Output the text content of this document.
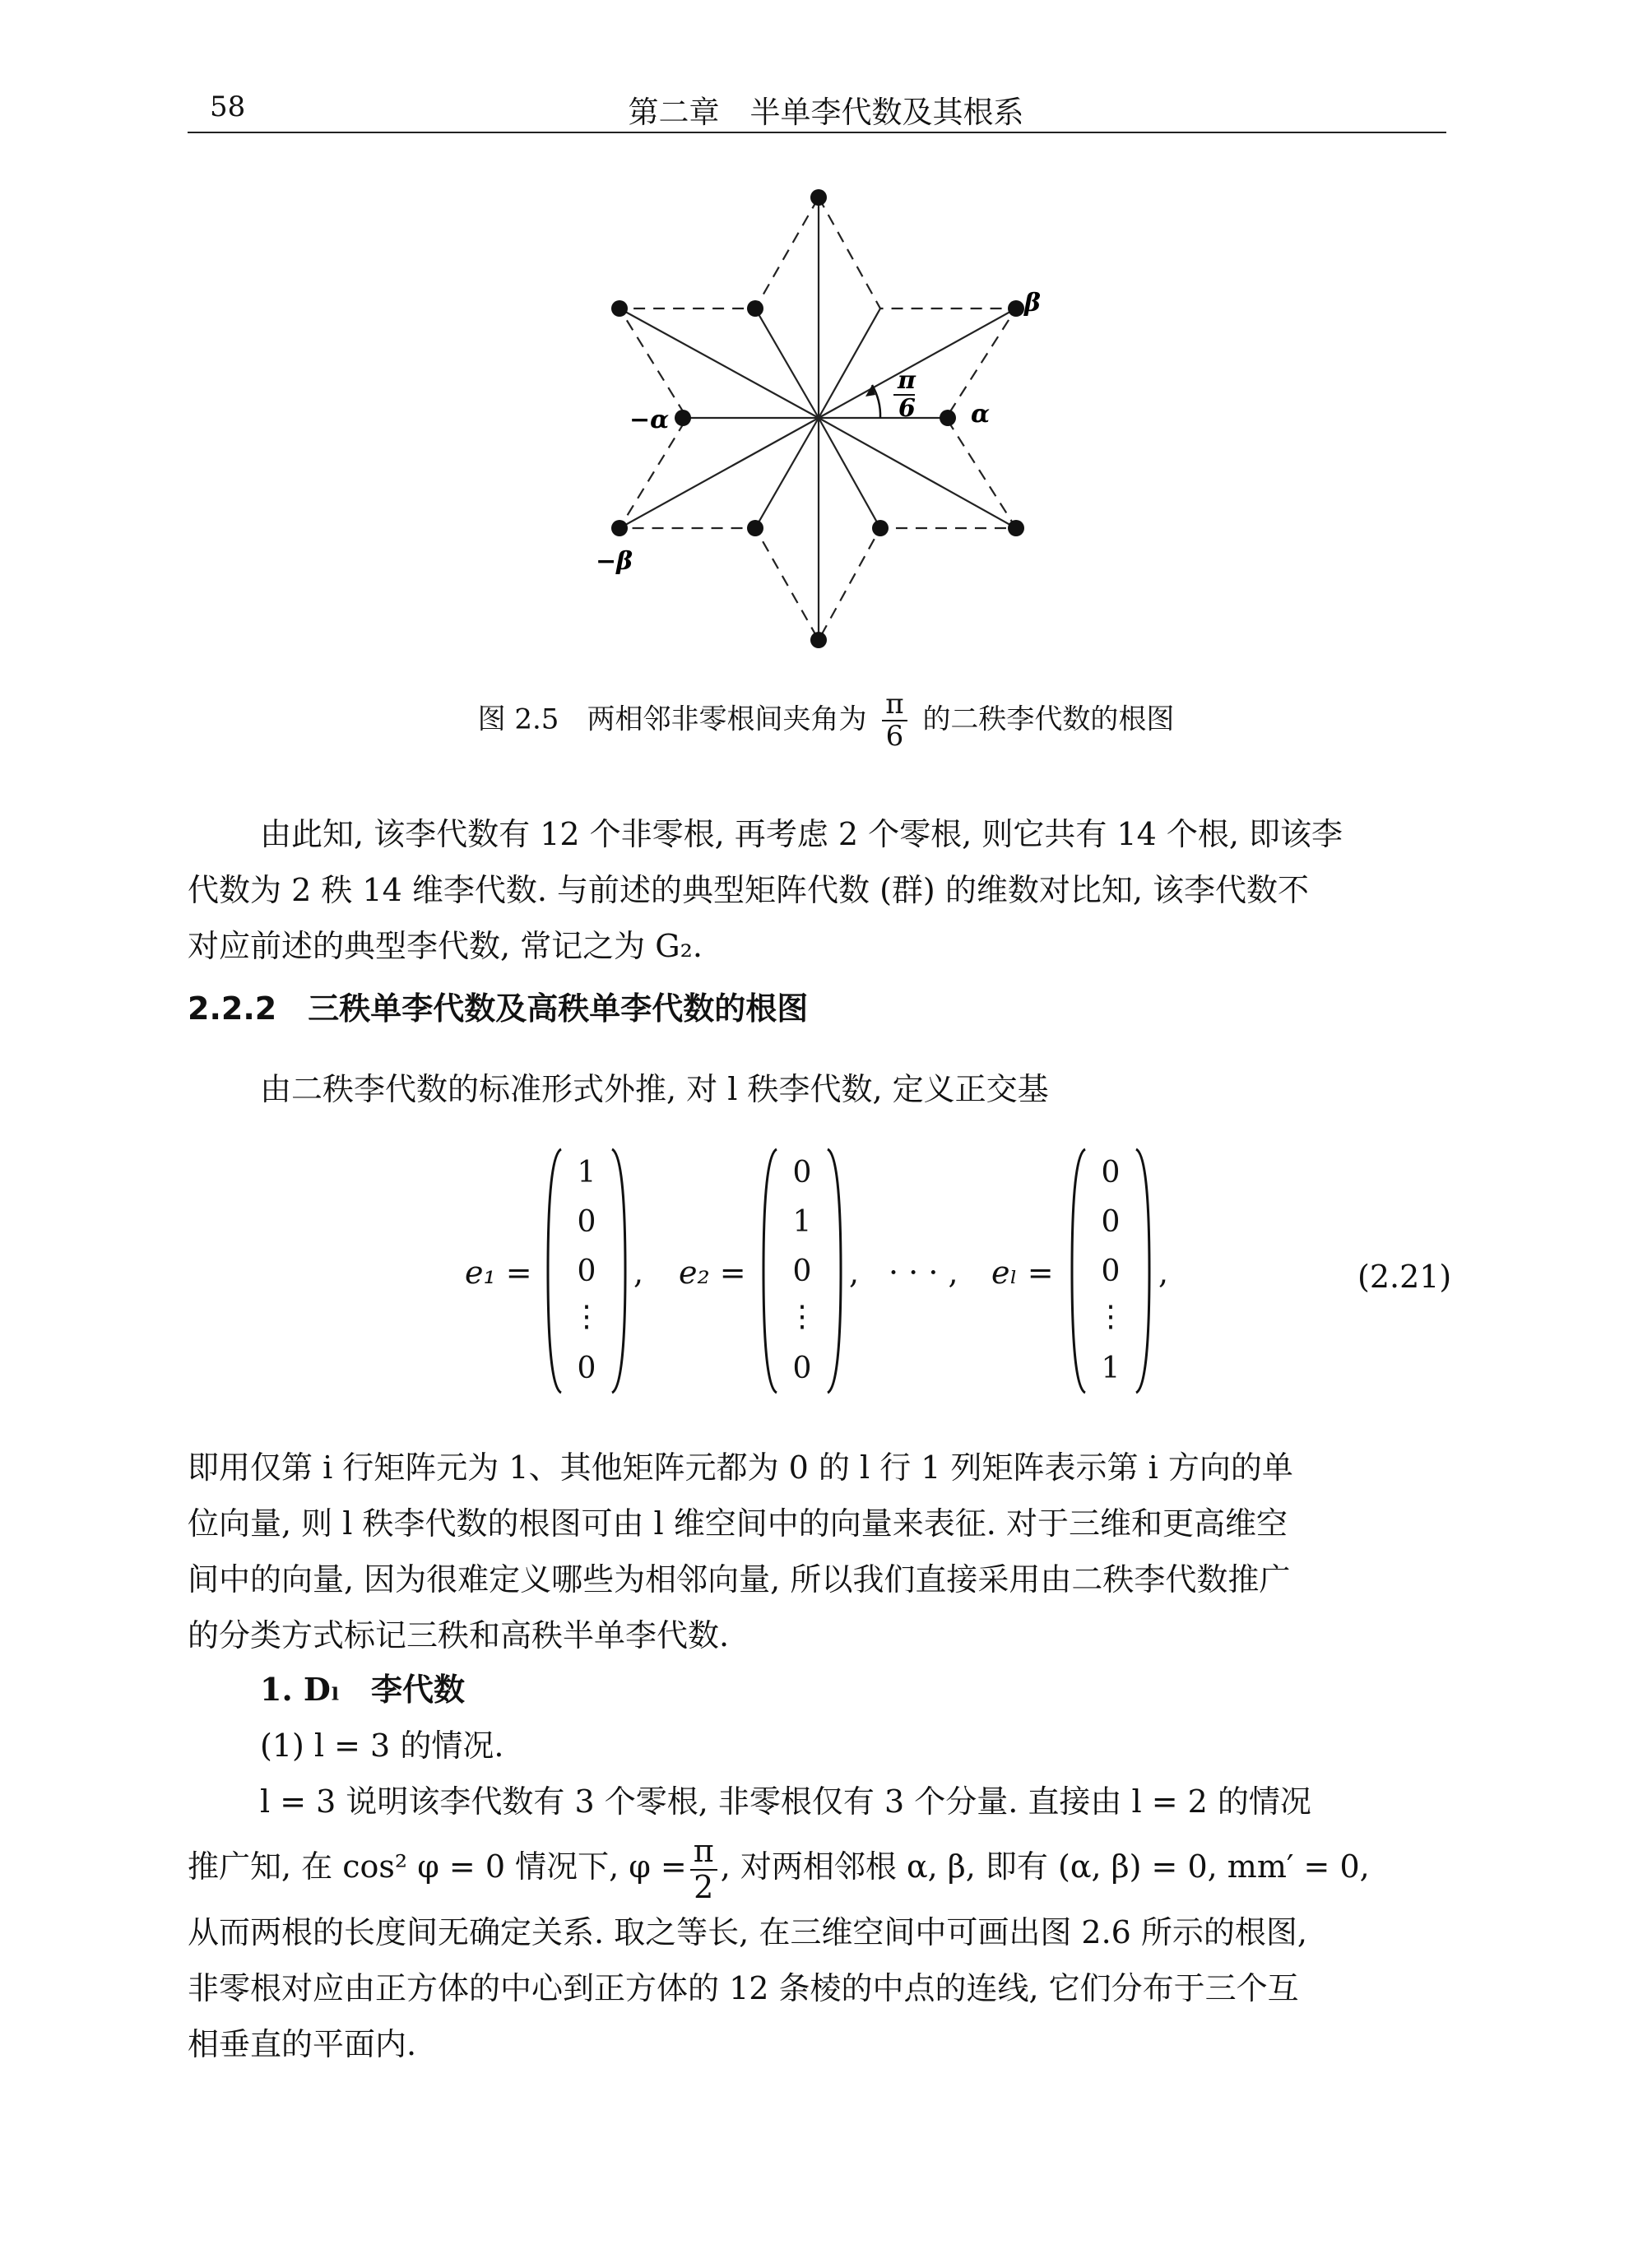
58	第二章　半单李代数及其根系
β
α
−α
−β
π
6
图 2.5　两相邻非零根间夹角为 $\frac{\pi}{6}$ 的二秩李代数的根图
由此知, 该李代数有 12 个非零根, 再考虑 2 个零根, 则它共有 14 个根, 即该李
代数为 2 秩 14 维李代数. 与前述的典型矩阵代数 (群) 的维数对比知, 该李代数不
对应前述的典型李代数, 常记之为 G₂.
2.2.2　三秩单李代数及高秩单李代数的根图
由二秩李代数的标准形式外推, 对 l 秩李代数, 定义正交基
e₁ =
1
0
0
⋮
0
, e₂ =
0
1
0
⋮
0
, · · · , eₗ =
0
0
0
⋮
1
,	(2.21)
即用仅第 i 行矩阵元为 1、其他矩阵元都为 0 的 l 行 1 列矩阵表示第 i 方向的单
位向量, 则 l 秩李代数的根图可由 l 维空间中的向量来表征. 对于三维和更高维空
间中的向量, 因为很难定义哪些为相邻向量, 所以我们直接采用由二秩李代数推广
的分类方式标记三秩和高秩半单李代数.
1. Dₗ　李代数
(1) l = 3 的情况.
l = 3 说明该李代数有 3 个零根, 非零根仅有 3 个分量. 直接由 l = 2 的情况
推广知, 在 cos² φ = 0 情况下, $\varphi = \frac{\pi}{2}$ , 对两相邻根 α, β, 即有 (α, β) = 0, mm′ = 0,
从而两根的长度间无确定关系. 取之等长, 在三维空间中可画出图 2.6 所示的根图,
非零根对应由正方体的中心到正方体的 12 条棱的中点的连线, 它们分布于三个互
相垂直的平面内.
